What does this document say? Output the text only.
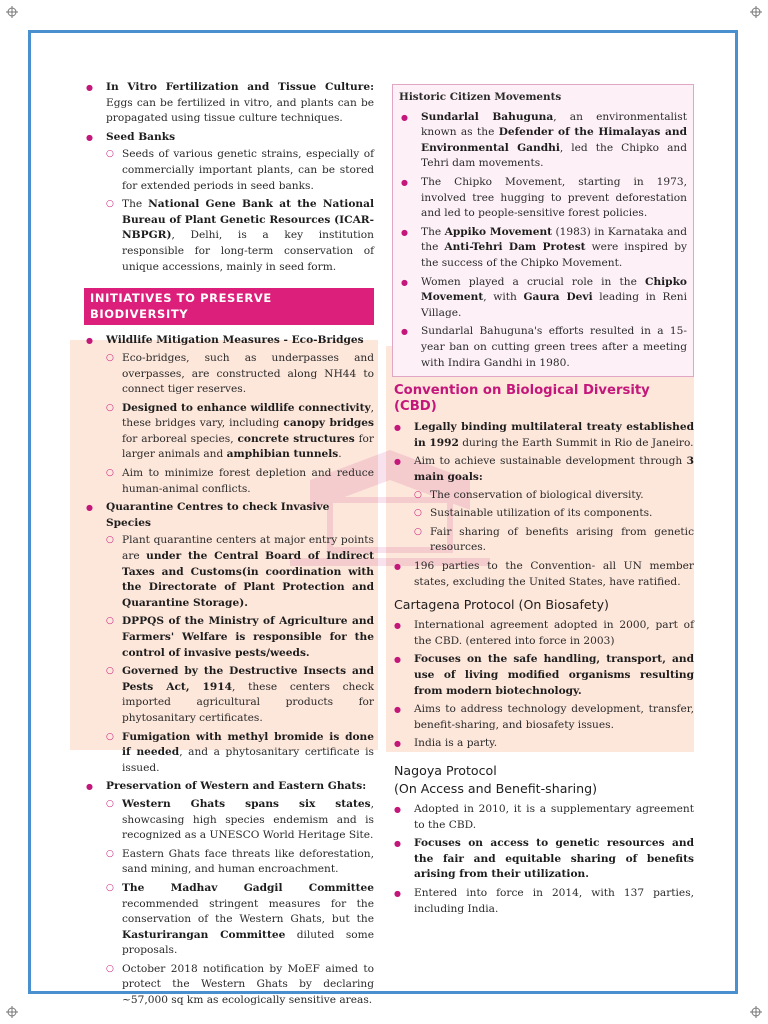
● In Vitro Fertilization and Tissue Culture: Eggs can be fertilized in vitro, and plants can be propagated using tissue culture techniques.
● Seed Banks
○ Seeds of various genetic strains, especially of commercially important plants, can be stored for extended periods in seed banks.
○ The National Gene Bank at the National Bureau of Plant Genetic Resources (ICAR-NBPGR), Delhi, is a key institution responsible for long-term conservation of unique accessions, mainly in seed form.
INITIATIVES TO PRESERVE BIODIVERSITY
● Wildlife Mitigation Measures - Eco-Bridges
○ Eco-bridges, such as underpasses and overpasses, are constructed along NH44 to connect tiger reserves.
○ Designed to enhance wildlife connectivity, these bridges vary, including canopy bridges for arboreal species, concrete structures for larger animals and amphibian tunnels.
○ Aim to minimize forest depletion and reduce human-animal conflicts.
● Quarantine Centres to check Invasive Species
○ Plant quarantine centers at major entry points are under the Central Board of Indirect Taxes and Customs(in coordination with the Directorate of Plant Protection and Quarantine Storage).
○ DPPQS of the Ministry of Agriculture and Farmers' Welfare is responsible for the control of invasive pests/weeds.
○ Governed by the Destructive Insects and Pests Act, 1914, these centers check imported agricultural products for phytosanitary certificates.
○ Fumigation with methyl bromide is done if needed, and a phytosanitary certificate is issued.
● Preservation of Western and Eastern Ghats:
○ Western Ghats spans six states, showcasing high species endemism and is recognized as a UNESCO World Heritage Site.
○ Eastern Ghats face threats like deforestation, sand mining, and human encroachment.
○ The Madhav Gadgil Committee recommended stringent measures for the conservation of the Western Ghats, but the Kasturirangan Committee diluted some proposals.
○ October 2018 notification by MoEF aimed to protect the Western Ghats by declaring ~57,000 sq km as ecologically sensitive areas.
Historic Citizen Movements
● Sundarlal Bahuguna, an environmentalist known as the Defender of the Himalayas and Environmental Gandhi, led the Chipko and Tehri dam movements.
● The Chipko Movement, starting in 1973, involved tree hugging to prevent deforestation and led to people-sensitive forest policies.
● The Appiko Movement (1983) in Karnataka and the Anti-Tehri Dam Protest were inspired by the success of the Chipko Movement.
● Women played a crucial role in the Chipko Movement, with Gaura Devi leading in Reni Village.
● Sundarlal Bahuguna's efforts resulted in a 15-year ban on cutting green trees after a meeting with Indira Gandhi in 1980.
Convention on Biological Diversity (CBD)
● Legally binding multilateral treaty established in 1992 during the Earth Summit in Rio de Janeiro.
● Aim to achieve sustainable development through 3 main goals:
○ The conservation of biological diversity.
○ Sustainable utilization of its components.
○ Fair sharing of benefits arising from genetic resources.
● 196 parties to the Convention- all UN member states, excluding the United States, have ratified.
Cartagena Protocol (On Biosafety)
● International agreement adopted in 2000, part of the CBD. (entered into force in 2003)
● Focuses on the safe handling, transport, and use of living modified organisms resulting from modern biotechnology.
● Aims to address technology development, transfer, benefit-sharing, and biosafety issues.
● India is a party.
Nagoya Protocol
(On Access and Benefit-sharing)
● Adopted in 2010, it is a supplementary agreement to the CBD.
● Focuses on access to genetic resources and the fair and equitable sharing of benefits arising from their utilization.
● Entered into force in 2014, with 137 parties, including India.
